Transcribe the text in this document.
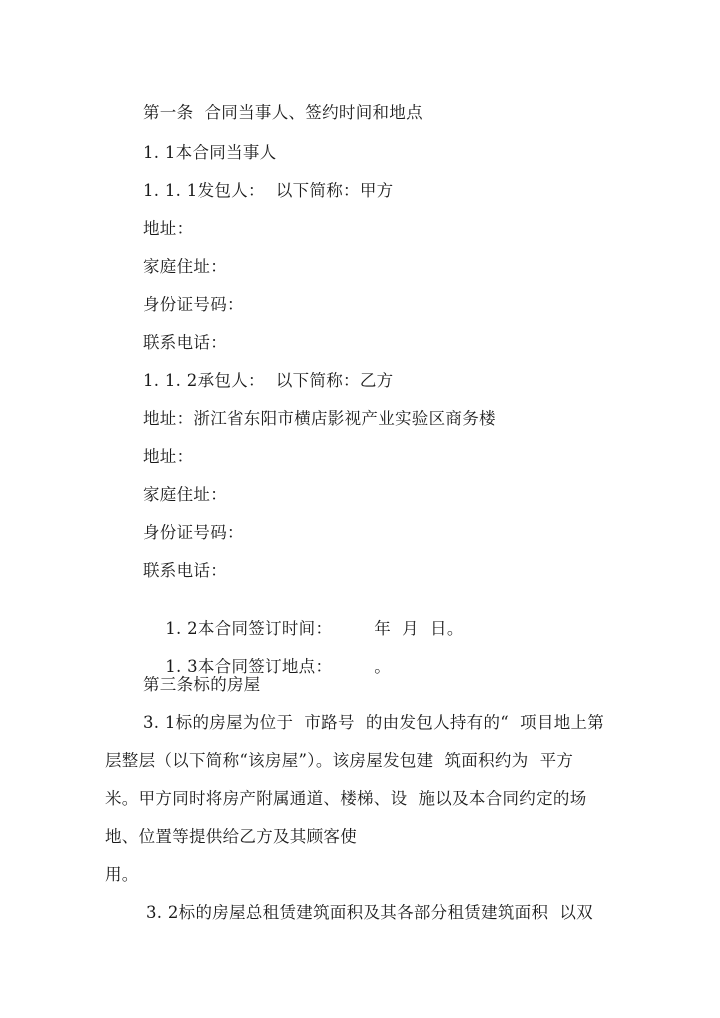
第一条  合同当事人、签约时间和地点
1. 1本合同当事人
1. 1. 1发包人：  以下简称：甲方
地址：
家庭住址：
身份证号码：
联系电话：
1. 1. 2承包人：  以下简称：乙方
地址：浙江省东阳市横店影视产业实验区商务楼
地址：
家庭住址：
身份证号码：
联系电话：

1. 2本合同签订时间：	年  月  日。

1. 3本合同签订地点：	。

第三条标的房屋
3. 1标的房屋为位于  市路号  的由发包人持有的“  项目地上第
层整层（以下简称“该房屋”）。该房屋发包建  筑面积约为  平方
米。甲方同时将房产附属通道、楼梯、设  施以及本合同约定的场
地、位置等提供给乙方及其顾客使
用。
3. 2标的房屋总租赁建筑面积及其各部分租赁建筑面积  以双
